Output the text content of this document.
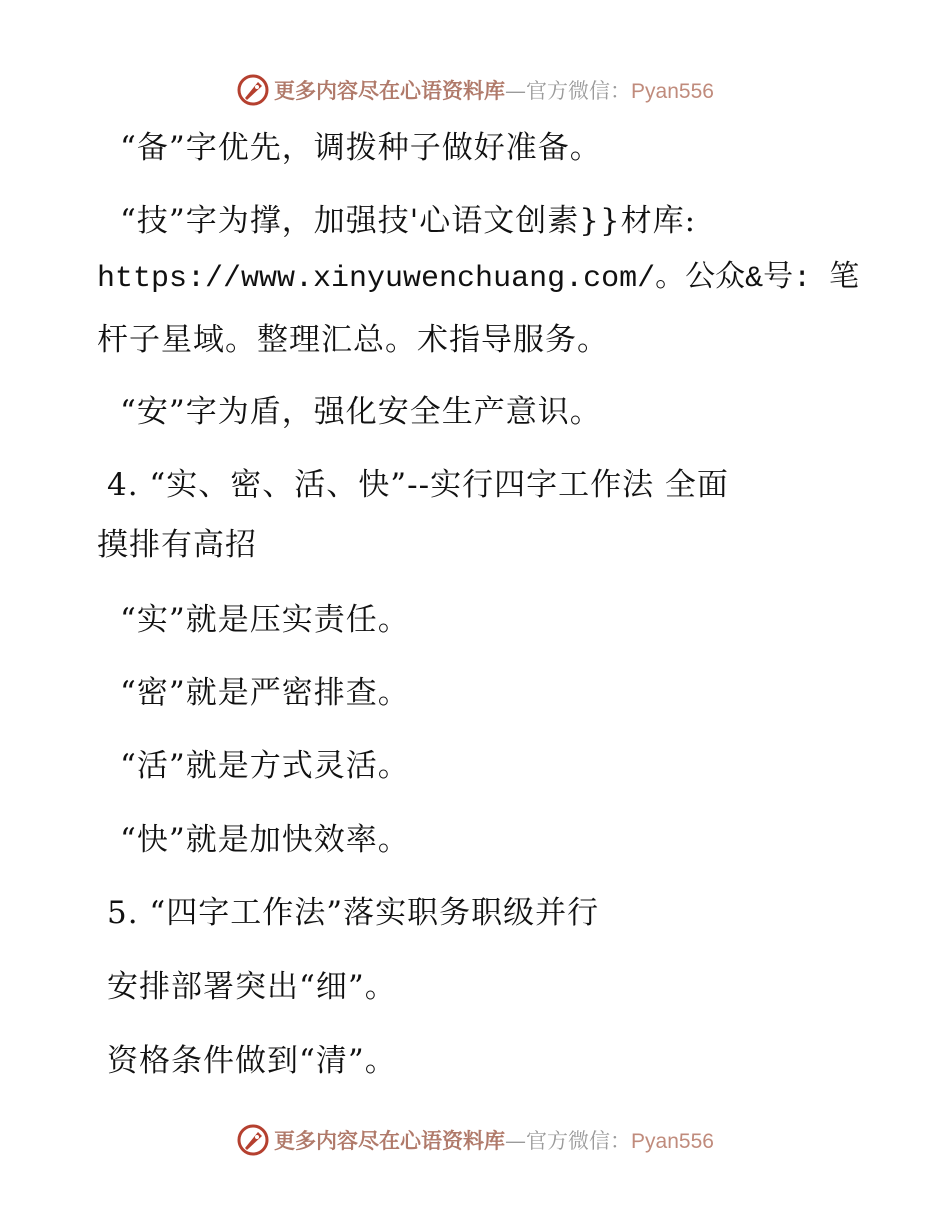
更多内容尽在心语资料库—官方微信：Pyan556
“备”字优先，调拨种子做好准备。
“技”字为撑，加强技'心语文创素}}材库:
https://www.xinyuwenchuang.com/。公众&号: 笔
杆子星域。整理汇总。术指导服务。
“安”字为盾，强化安全生产意识。
4. “实、密、活、快”--实行四字工作法 全面
摸排有高招
“实”就是压实责任。
“密”就是严密排查。
“活”就是方式灵活。
“快”就是加快效率。
5. “四字工作法”落实职务职级并行
安排部署突出“细”。
资格条件做到“清”。
更多内容尽在心语资料库—官方微信：Pyan556
